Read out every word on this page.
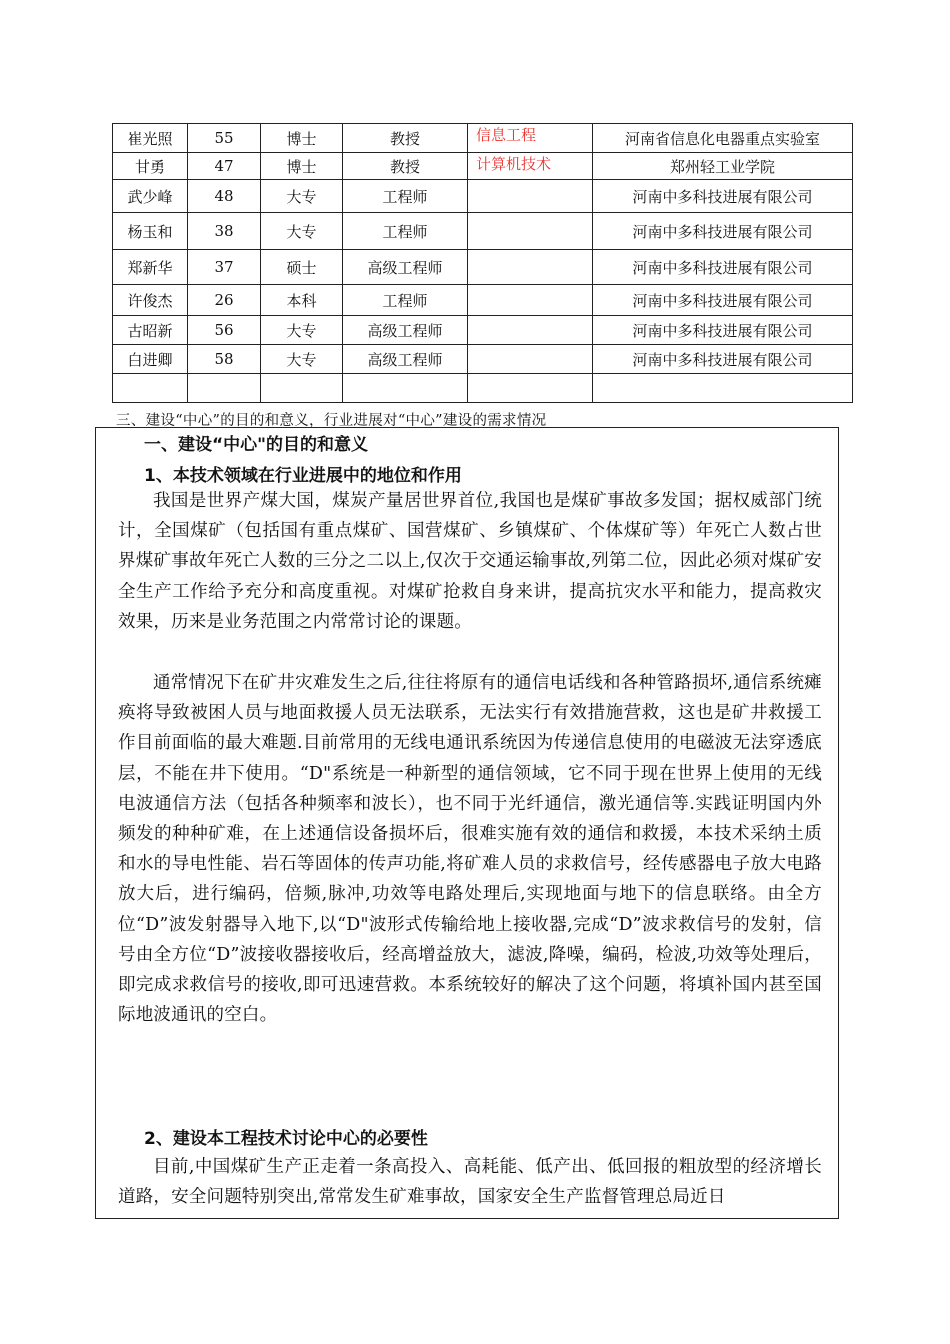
崔光照	55	博士	教授	信息工程	河南省信息化电器重点实验室
甘勇	47	博士	教授	计算机技术	郑州轻工业学院
武少峰	48	大专	工程师		河南中多科技进展有限公司
杨玉和	38	大专	工程师		河南中多科技进展有限公司
郑新华	37	硕士	高级工程师		河南中多科技进展有限公司
许俊杰	26	本科	工程师		河南中多科技进展有限公司
古昭新	56	大专	高级工程师		河南中多科技进展有限公司
白进卿	58	大专	高级工程师		河南中多科技进展有限公司

三、建设“中心”的目的和意义，行业进展对“中心”建设的需求情况
一、建设“中心"的目的和意义
1、本技术领域在行业进展中的地位和作用

我国是世界产煤大国，煤炭产量居世界首位,我国也是煤矿事故多发国；据权威部门统计，全国煤矿（包括国有重点煤矿、国营煤矿、乡镇煤矿、个体煤矿等）年死亡人数占世界煤矿事故年死亡人数的三分之二以上,仅次于交通运输事故,列第二位，因此必须对煤矿安全生产工作给予充分和高度重视。对煤矿抢救自身来讲，提高抗灾水平和能力，提高救灾效果，历来是业务范围之内常常讨论的课题。

通常情况下在矿井灾难发生之后,往往将原有的通信电话线和各种管路损坏,通信系统瘫痪将导致被困人员与地面救援人员无法联系，无法实行有效措施营救，这也是矿井救援工作目前面临的最大难题.目前常用的无线电通讯系统因为传递信息使用的电磁波无法穿透底层，不能在井下使用。“D"系统是一种新型的通信领域，它不同于现在世界上使用的无线电波通信方法（包括各种频率和波长），也不同于光纤通信，激光通信等.实践证明国内外频发的种种矿难，在上述通信设备损坏后，很难实施有效的通信和救援，本技术采纳土质和水的导电性能、岩石等固体的传声功能,将矿难人员的求救信号，经传感器电子放大电路放大后，进行编码，倍频,脉冲,功效等电路处理后,实现地面与地下的信息联络。由全方位“D”波发射器导入地下,以“D"波形式传输给地上接收器,完成“D”波求救信号的发射，信号由全方位“D”波接收器接收后，经高增益放大，滤波,降噪，编码，检波,功效等处理后，即完成求救信号的接收,即可迅速营救。本系统较好的解决了这个问题，将填补国内甚至国际地波通讯的空白。

2、建设本工程技术讨论中心的必要性

目前,中国煤矿生产正走着一条高投入、高耗能、低产出、低回报的粗放型的经济增长道路，安全问题特别突出,常常发生矿难事故，国家安全生产监督管理总局近日
